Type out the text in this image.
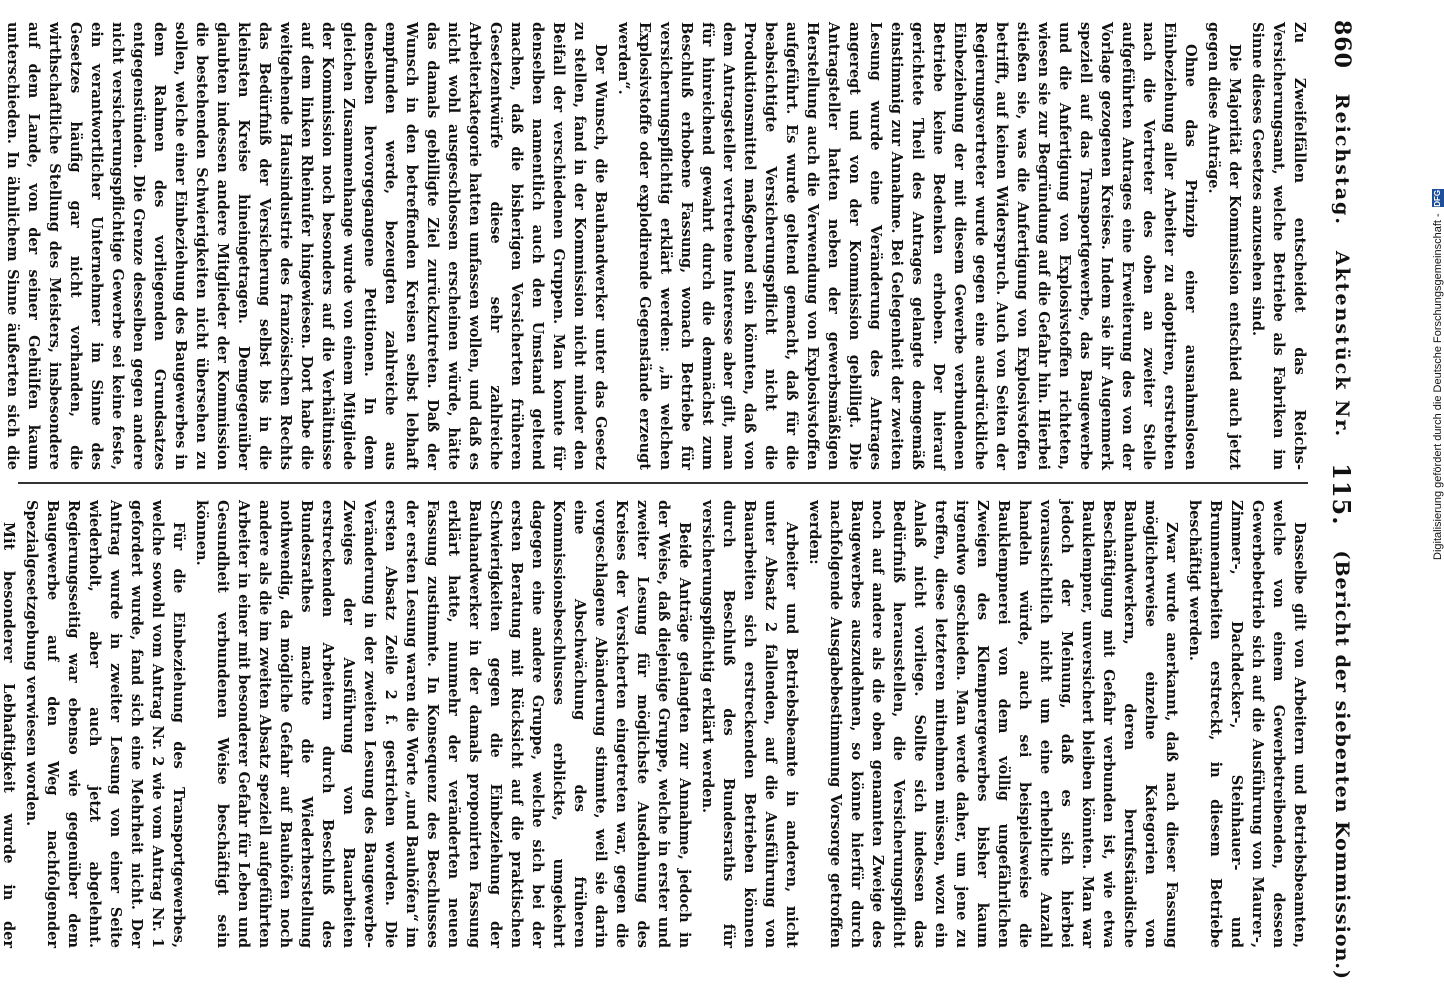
860
Reichstag.
Aktenstück Nr.
115.
(Bericht der siebenten Kommission.)

Zu Zweifelfällen entscheidet das Reichs-Versicherungsamt, welche Betriebe als Fabriken im Sinne dieses Gesetzes anzusehen sind.

Die Majorität der Kommission entschied auch jetzt gegen diese Anträge.

Ohne das Prinzip einer ausnahmslosen Einbeziehung aller Arbeiter zu adoptiren, erstrebten nach die Vertreter des oben an zweiter Stelle aufgeführten Antrages eine Erweiterung des von der Vorlage gezogenen Kreises. Indem sie ihr Augenmerk speziell auf das Transportgewerbe, das Baugewerbe und die Anfertigung von Explosivstoffen richteten, wiesen sie zur Begründung auf die Gefahr hin. Hierbei stießen sie, was die Anfertigung von Explosivstoffen betrifft, auf keinen Widerspruch. Auch von Seiten der Regierungsvertreter wurde gegen eine ausdrückliche Einbeziehung der mit diesem Gewerbe verbundenen Betriebe keine Bedenken erhoben. Der hierauf gerichtete Theil des Antrages gelangte demgemäß einstimmig zur Annahme. Bei Gelegenheit der zweiten Lesung wurde eine Veränderung des Antrages angeregt und von der Kommission gebilligt. Die Antragsteller hatten neben der gewerbsmäßigen Herstellung auch die Verwendung von Explosivstoffen aufgeführt. Es wurde geltend gemacht, daß für die beabsichtigte Versicherungspflicht nicht die Produktionsmittel maßgebend sein könnten, daß von dem Antragsteller vertretene Interesse aber gilt, man für hinreichend gewahrt durch die demnächst zum Beschluß erhobene Fassung, wonach Betriebe für versicherungspflichtig erklärt werden: „in welchen Explosivstoffe oder explodirende Gegenstände erzeugt werden“.

Der Wunsch, die Bauhandwerker unter das Gesetz zu stellen, fand in der Kommission nicht minder den Beifall der verschiedenen Gruppen. Man konnte für denselben namentlich auch den Umstand geltend machen, daß die bisherigen Versicherten früheren Gesetzentwürfe diese sehr zahlreiche Arbeiterkategorie hatten umfassen wollen, und daß es nicht wohl ausgeschlossen erscheinen würde, hätte das damals gebilligte Ziel zurückzutreten. Daß der Wunsch in den betreffenden Kreisen selbst lebhaft empfunden werde, bezeugten zahlreiche aus denselben hervorgegangene Petitionen. In dem gleichen Zusammenhange wurde von einem Mitgliede der Kommission noch besonders auf die Verhältnisse auf dem linken Rheinufer hingewiesen. Dort habe die weitgehende Hausindustrie des französischen Rechts das Bedürfniß der Versicherung selbst bis in die kleinsten Kreise hineingetragen. Demgegenüber glaubten indessen andere Mitglieder der Kommission die bestehenden Schwierigkeiten nicht übersehen zu sollen, welche einer Einbeziehung des Baugewerbes in dem Rahmen des vorliegenden Grundsatzes entgegenstünden. Die Grenze desselben gegen andere nicht versicherungspflichtige Gewerbe sei keine feste, ein verantwortlicher Unternehmer im Sinne des Gesetzes häufig gar nicht vorhanden, die wirthschaftliche Stellung des Meisters, insbesondere auf dem Lande, von der seiner Gehülfen kaum unterschieden. In ähnlichem Sinne äußerten sich die

Dasselbe gilt von Arbeitern und Betriebsbeamten, welche von einem Gewerbetreibenden, dessen Gewerbebetrieb sich auf die Ausführung von Maurer-, Zimmer-, Dachdecker-, Steinhauer- und Brunnenarbeiten erstreckt, in diesem Betriebe beschäftigt werden.

Zwar wurde anerkannt, daß nach dieser Fassung möglicherweise einzelne Kategorien von Bauhandwerkern, deren berufsständische Beschäftigung mit Gefahr verbunden ist, wie etwa Bauklempner, unversichert bleiben könnten. Man war jedoch der Meinung, daß es sich hierbei voraussichtlich nicht um eine erhebliche Anzahl handeln würde, auch sei beispielsweise die Bauklempnerei von dem völlig ungefährlichen Zweigen des Klempnergewerbes bisher kaum irgendwo geschieden. Man werde daher, um jene zu treffen, diese letzteren mitnehmen müssen, wozu ein Anlaß nicht vorliege. Sollte sich indessen das Bedürfniß herausstellen, die Versicherungspflicht noch auf andere als die oben genannten Zweige des Baugewerbes auszudehnen, so könne hierfür durch nachfolgende Ausgabebestimmung Vorsorge getroffen werden:

Arbeiter und Betriebsbeamte in anderen, nicht unter Absatz 2 fallenden, auf die Ausführung von Bauarbeiten sich erstreckenden Betrieben können durch Beschluß des Bundesraths für versicherungspflichtig erklärt werden.

Beide Anträge gelangten zur Annahme, jedoch in der Weise, daß diejenige Gruppe, welche in erster und zweiter Lesung für möglichste Ausdehnung des Kreises der Versicherten eingetreten war, gegen die vorgeschlagene Abänderung stimmte, weil sie darin eine Abschwächung des früheren Kommissionsbeschlusses erblickte, umgekehrt dagegen eine andere Gruppe, welche sich bei der ersten Beratung mit Rücksicht auf die praktischen Schwierigkeiten gegen die Einbeziehung der Bauhandwerker in der damals proponirten Fassung erklärt hatte, nunmehr der veränderten neuen Fassung zustimmte. In Konsequenz des Beschlusses der ersten Lesung waren die Worte „und Bauhöfen“ im ersten Absatz Zeile 2 f. gestrichen worden. Die Veränderung in der zweiten Lesung des Baugewerbe-Zweiges der Ausführung von Bauarbeiten erstreckenden Arbeitern durch Beschluß des Bundesrathes machte die Wiederherstellung nothwendig, da mögliche Gefahr auf Bauhöfen noch andere als die im zweiten Absatz speziell aufgeführten Arbeiter in einer mit besonderer Gefahr für Leben und Gesundheit verbundenen Weise beschäftigt sein können.

Für die Einbeziehung des Transportgewerbes, welche sowohl vom Antrag Nr. 2 wie vom Antrag Nr. 1 gefordert wurde, fand sich eine Mehrheit nicht. Der Antrag wurde in zweiter Lesung von einer Seite wiederholt, aber auch jetzt abgelehnt. Regierungsseitig war ebenso wie gegenüber dem Baugewerbe auf den Weg nachfolgender Spezialgesetzgebung verwiesen worden.

Mit besonderer Lebhaftigkeit wurde in der

Digitalisierung gefördert durch die Deutsche Forschungsgemeinschaft -
DFG
